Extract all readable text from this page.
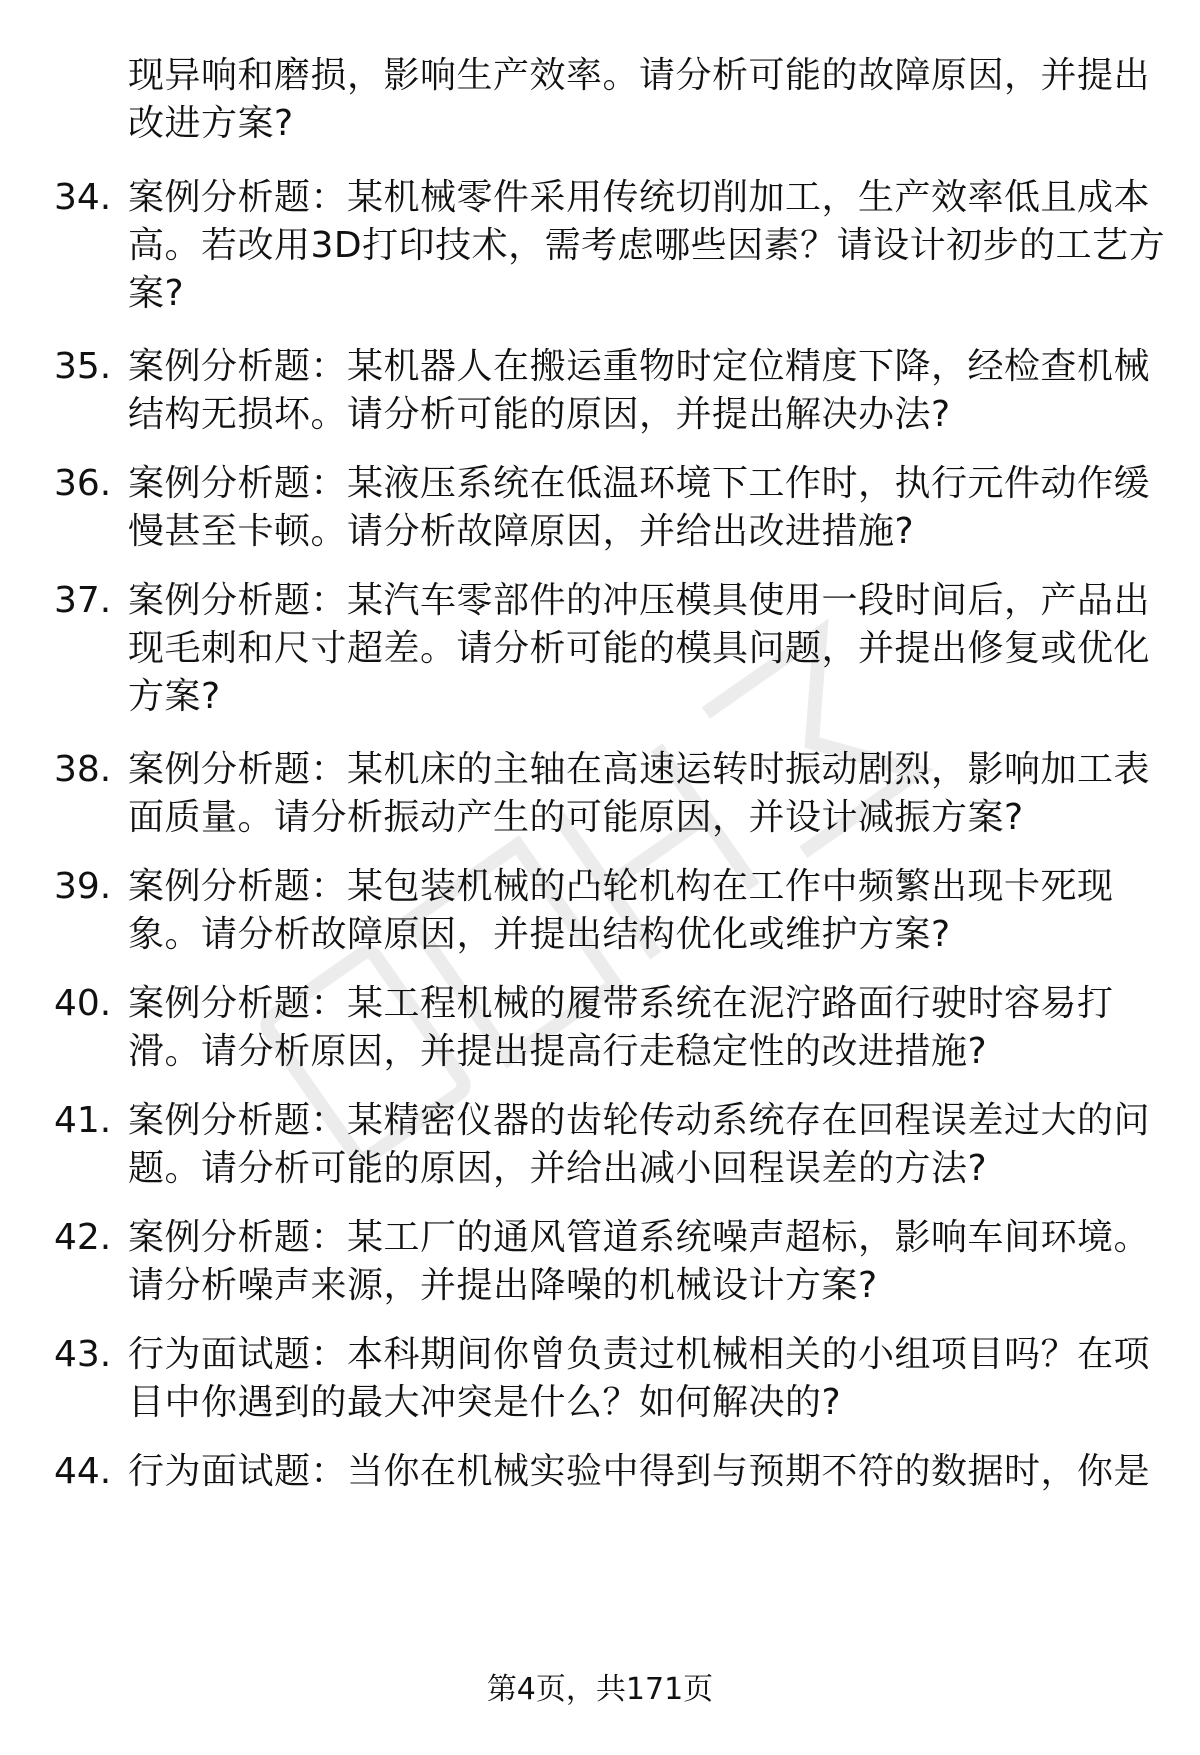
现异响和磨损，影响生产效率。请分析可能的故障原因，并提出
改进方案?
34. 案例分析题：某机械零件采用传统切削加工，生产效率低且成本
高。若改用3D打印技术，需考虑哪些因素？请设计初步的工艺方
案?
35. 案例分析题：某机器人在搬运重物时定位精度下降，经检查机械
结构无损坏。请分析可能的原因，并提出解决办法?
36. 案例分析题：某液压系统在低温环境下工作时，执行元件动作缓
慢甚至卡顿。请分析故障原因，并给出改进措施?
37. 案例分析题：某汽车零部件的冲压模具使用一段时间后，产品出
现毛刺和尺寸超差。请分析可能的模具问题，并提出修复或优化
方案?
38. 案例分析题：某机床的主轴在高速运转时振动剧烈，影响加工表
面质量。请分析振动产生的可能原因，并设计减振方案?
39. 案例分析题：某包装机械的凸轮机构在工作中频繁出现卡死现
象。请分析故障原因，并提出结构优化或维护方案?
40. 案例分析题：某工程机械的履带系统在泥泞路面行驶时容易打
滑。请分析原因，并提出提高行走稳定性的改进措施?
41. 案例分析题：某精密仪器的齿轮传动系统存在回程误差过大的问
题。请分析可能的原因，并给出减小回程误差的方法?
42. 案例分析题：某工厂的通风管道系统噪声超标，影响车间环境。
请分析噪声来源，并提出降噪的机械设计方案?
43. 行为面试题：本科期间你曾负责过机械相关的小组项目吗？在项
目中你遇到的最大冲突是什么？如何解决的?
44. 行为面试题：当你在机械实验中得到与预期不符的数据时，你是
第4页，共171页
